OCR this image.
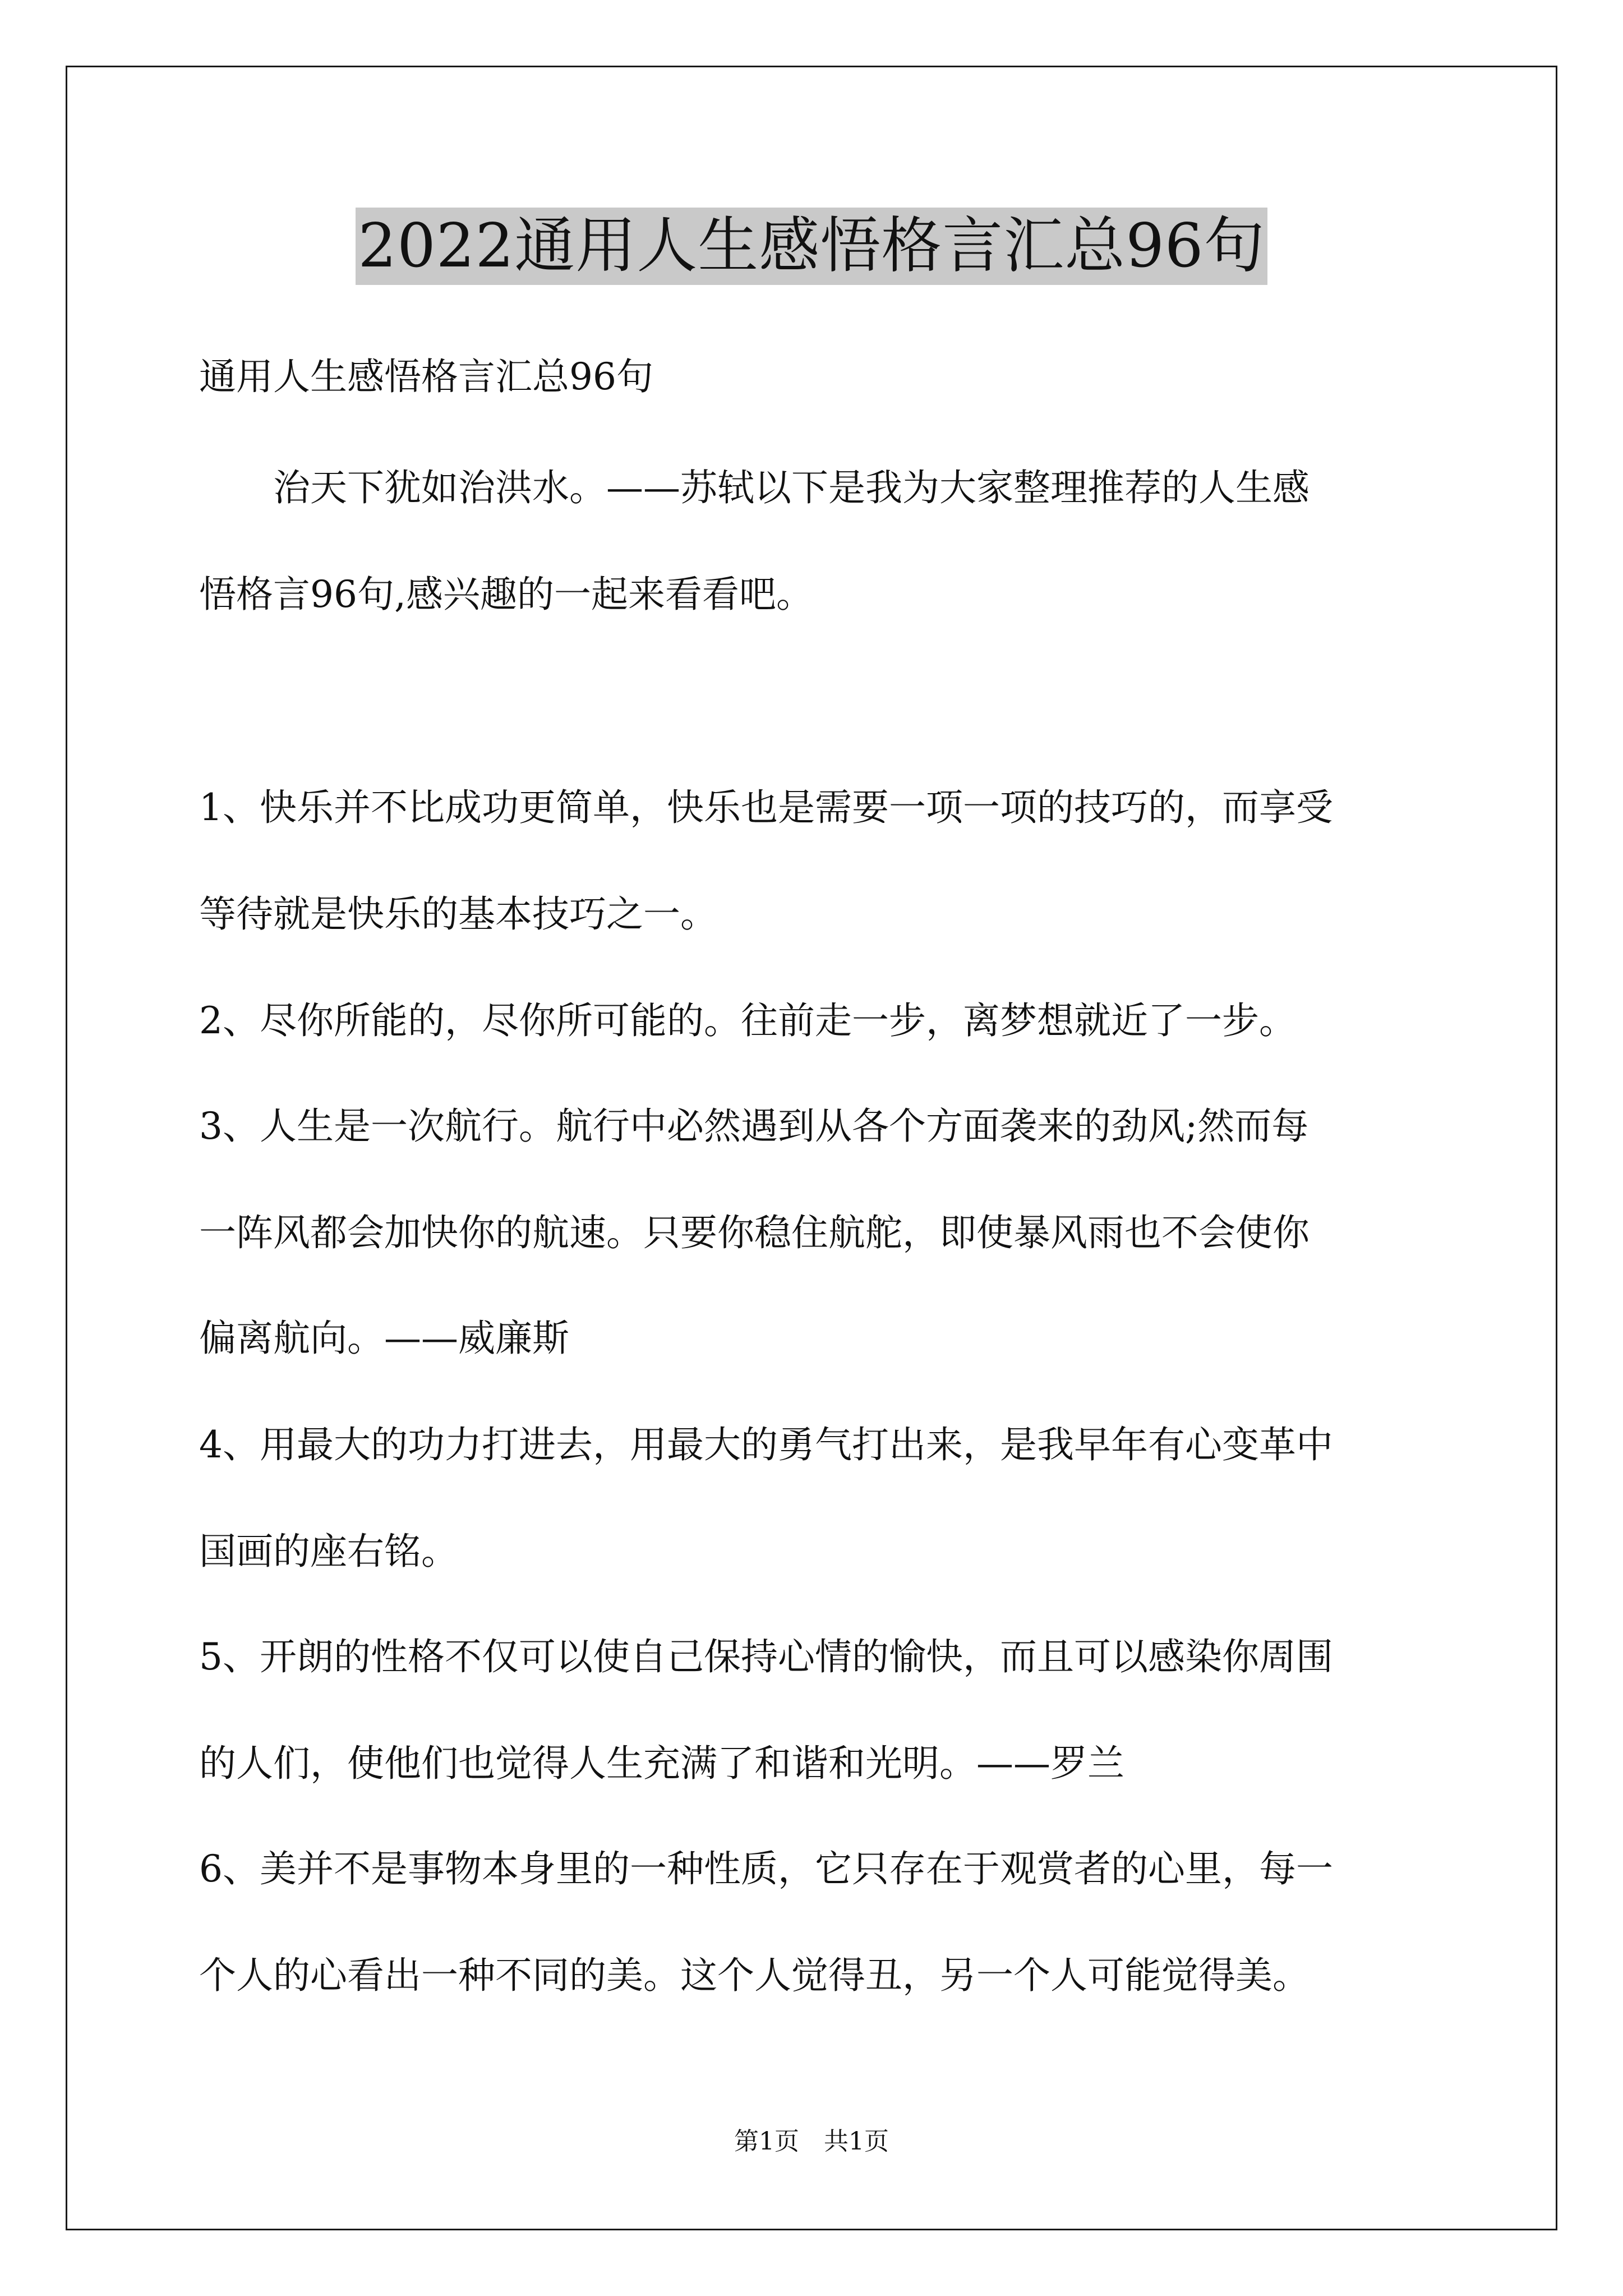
2022通用人生感悟格言汇总96句
通用人生感悟格言汇总96句
　　治天下犹如治洪水。——苏轼以下是我为大家整理推荐的人生感
悟格言96句,感兴趣的一起来看看吧。
1、快乐并不比成功更简单，快乐也是需要一项一项的技巧的，而享受
等待就是快乐的基本技巧之一。
2、尽你所能的，尽你所可能的。往前走一步，离梦想就近了一步。
3、人生是一次航行。航行中必然遇到从各个方面袭来的劲风;然而每
一阵风都会加快你的航速。只要你稳住航舵，即使暴风雨也不会使你
偏离航向。——威廉斯
4、用最大的功力打进去，用最大的勇气打出来，是我早年有心变革中
国画的座右铭。
5、开朗的性格不仅可以使自己保持心情的愉快，而且可以感染你周围
的人们，使他们也觉得人生充满了和谐和光明。——罗兰
6、美并不是事物本身里的一种性质，它只存在于观赏者的心里，每一
个人的心看出一种不同的美。这个人觉得丑，另一个人可能觉得美。
第1页　共1页
